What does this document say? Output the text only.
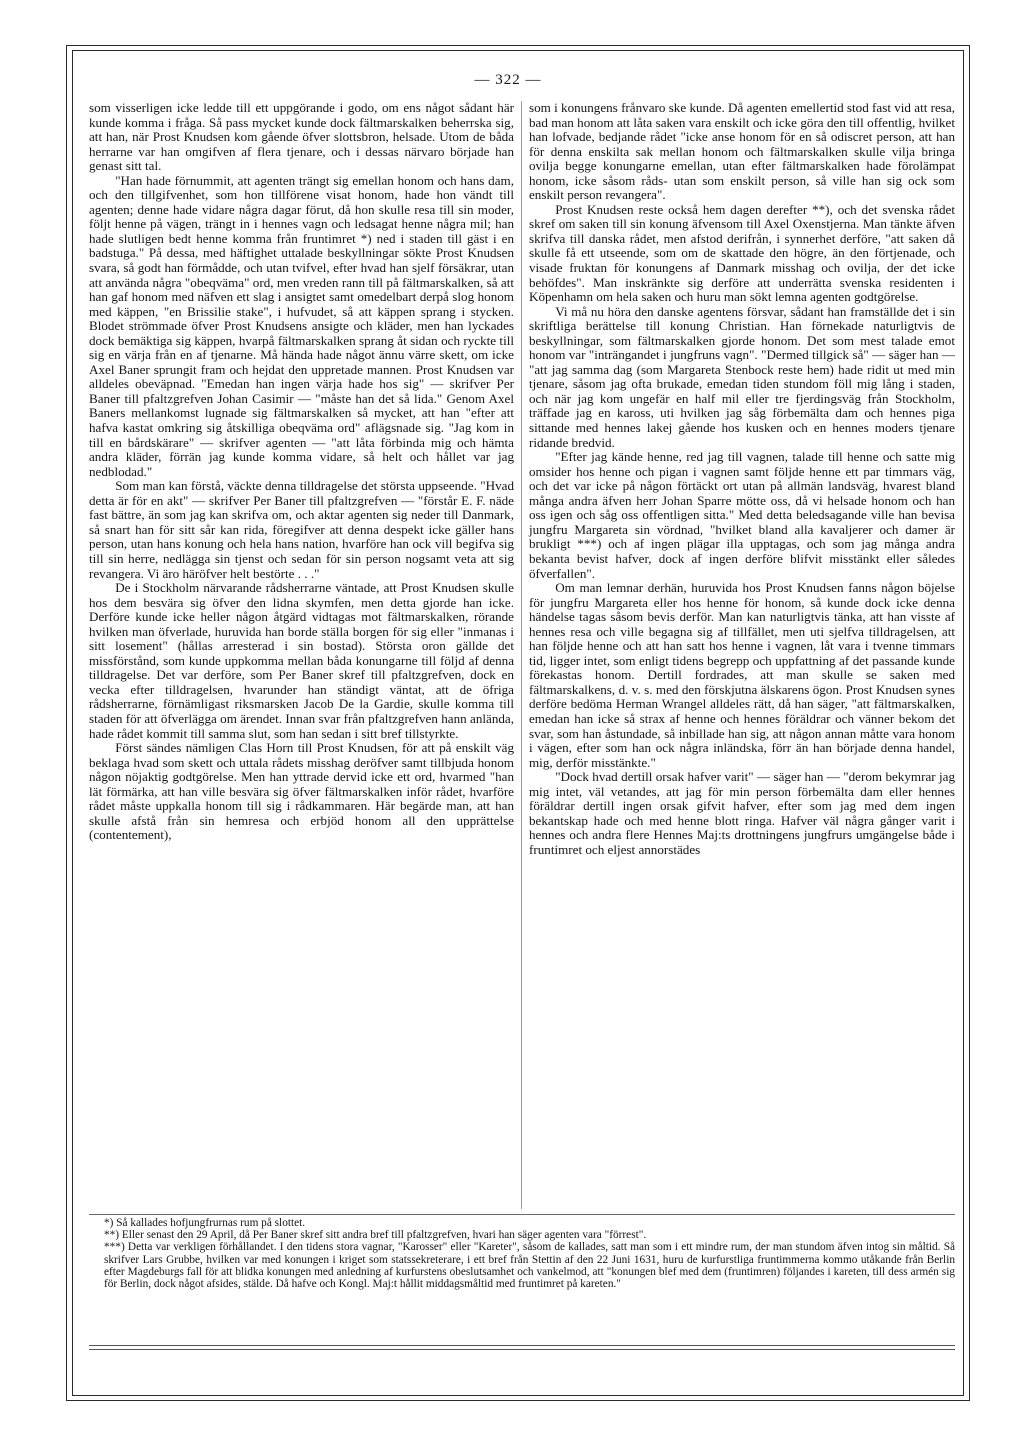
— 322 —

som visserligen icke ledde till ett uppgörande i godo, om ens något sådant här kunde komma i fråga. Så pass mycket kunde dock fältmarskalken beherrska sig, att han, när Prost Knudsen kom gående öfver slottsbron, helsade. Utom de båda herrarne var han omgifven af flera tjenare, och i dessas närvaro började han genast sitt tal.

"Han hade förnummit, att agenten trängt sig emellan honom och hans dam, och den tillgifvenhet, som hon tillförene visat honom, hade hon vändt till agenten; denne hade vidare några dagar förut, då hon skulle resa till sin moder, följt henne på vägen, trängt in i hennes vagn och ledsagat henne några mil; han hade slutligen bedt henne komma från fruntimret *) ned i staden till gäst i en badstuga." På dessa, med häftighet uttalade beskyllningar sökte Prost Knudsen svara, så godt han förmådde, och utan tvifvel, efter hvad han sjelf försäkrar, utan att använda några "obeqväma" ord, men vreden rann till på fältmarskalken, så att han gaf honom med näfven ett slag i ansigtet samt omedelbart derpå slog honom med käppen, "en Brissilie stake", i hufvudet, så att käppen sprang i stycken. Blodet strömmade öfver Prost Knudsens ansigte och kläder, men han lyckades dock bemäktiga sig käppen, hvarpå fältmarskalken sprang åt sidan och ryckte till sig en värja från en af tjenarne. Må hända hade något ännu värre skett, om icke Axel Baner sprungit fram och hejdat den uppretade mannen. Prost Knudsen var alldeles obeväpnad. "Emedan han ingen värja hade hos sig" — skrifver Per Baner till pfaltzgrefven Johan Casimir — "måste han det så lida." Genom Axel Baners mellankomst lugnade sig fältmarskalken så mycket, att han "efter att hafva kastat omkring sig åtskilliga obeqväma ord" aflägsnade sig. "Jag kom in till en bårdskärare" — skrifver agenten — "att låta förbinda mig och hämta andra kläder, förrän jag kunde komma vidare, så helt och hållet var jag nedblodad."

Som man kan förstå, väckte denna tilldragelse det största uppseende. "Hvad detta är för en akt" — skrifver Per Baner till pfaltzgrefven — "förstår E. F. näde fast bättre, än som jag kan skrifva om, och aktar agenten sig neder till Danmark, så snart han för sitt sår kan rida, föregifver att denna despekt icke gäller hans person, utan hans konung och hela hans nation, hvarföre han ock vill begifva sig till sin herre, nedlägga sin tjenst och sedan för sin person nogsamt veta att sig revangera. Vi äro häröfver helt bestörte . . ."

De i Stockholm närvarande rådsherrarne väntade, att Prost Knudsen skulle hos dem besvära sig öfver den lidna skymfen, men detta gjorde han icke. Derföre kunde icke heller någon åtgärd vidtagas mot fältmarskalken, rörande hvilken man öfverlade, huruvida han borde ställa borgen för sig eller "inmanas i sitt losement" (hållas arresterad i sin bostad). Största oron gällde det missförstånd, som kunde uppkomma mellan båda konungarne till följd af denna tilldragelse. Det var derföre, som Per Baner skref till pfaltzgrefven, dock en vecka efter tilldragelsen, hvarunder han ständigt väntat, att de öfriga rådsherrarne, förnämligast riksmarsken Jacob De la Gardie, skulle komma till staden för att öfverlägga om ärendet. Innan svar från pfaltzgrefven hann anlända, hade rådet kommit till samma slut, som han sedan i sitt bref tillstyrkte.

Först sändes nämligen Clas Horn till Prost Knudsen, för att på enskilt väg beklaga hvad som skett och uttala rådets misshag deröfver samt tillbjuda honom någon nöjaktig godtgörelse. Men han yttrade dervid icke ett ord, hvarmed "han lät förmärka, att han ville besvära sig öfver fältmarskalken inför rådet, hvarföre rådet måste uppkalla honom till sig i rådkammaren. Här begärde man, att han skulle afstå från sin hemresa och erbjöd honom all den upprättelse (contentement),

som i konungens frånvaro ske kunde. Då agenten emellertid stod fast vid att resa, bad man honom att låta saken vara enskilt och icke göra den till offentlig, hvilket han lofvade, bedjande rådet "icke anse honom för en så odiscret person, att han för denna enskilta sak mellan honom och fältmarskalken skulle vilja bringa ovilja begge konungarne emellan, utan efter fältmarskalken hade förolämpat honom, icke såsom råds- utan som enskilt person, så ville han sig ock som enskilt person revangera".

Prost Knudsen reste också hem dagen derefter **), och det svenska rådet skref om saken till sin konung äfvensom till Axel Oxenstjerna. Man tänkte äfven skrifva till danska rådet, men afstod derifrån, i synnerhet derföre, "att saken då skulle få ett utseende, som om de skattade den högre, än den förtjenade, och visade fruktan för konungens af Danmark misshag och ovilja, der det icke behöfdes". Man inskränkte sig derföre att underrätta svenska residenten i Köpenhamn om hela saken och huru man sökt lemna agenten godtgörelse.

Vi må nu höra den danske agentens försvar, sådant han framställde det i sin skriftliga berättelse till konung Christian. Han förnekade naturligtvis de beskyllningar, som fältmarskalken gjorde honom. Det som mest talade emot honom var "inträngandet i jungfruns vagn". "Dermed tillgick så" — säger han — "att jag samma dag (som Margareta Stenbock reste hem) hade ridit ut med min tjenare, såsom jag ofta brukade, emedan tiden stundom föll mig lång i staden, och när jag kom ungefär en half mil eller tre fjerdingsväg från Stockholm, träffade jag en kaross, uti hvilken jag såg förbemälta dam och hennes piga sittande med hennes lakej gående hos kusken och en hennes moders tjenare ridande bredvid.

"Efter jag kände henne, red jag till vagnen, talade till henne och satte mig omsider hos henne och pigan i vagnen samt följde henne ett par timmars väg, och det var icke på någon förtäckt ort utan på allmän landsväg, hvarest bland många andra äfven herr Johan Sparre mötte oss, då vi helsade honom och han oss igen och såg oss offentligen sitta." Med detta beledsagande ville han bevisa jungfru Margareta sin vördnad, "hvilket bland alla kavaljerer och damer är brukligt ***) och af ingen plägar illa upptagas, och som jag många andra bekanta bevist hafver, dock af ingen derföre blifvit misstänkt eller således öfverfallen".

Om man lemnar derhän, huruvida hos Prost Knudsen fanns någon böjelse för jungfru Margareta eller hos henne för honom, så kunde dock icke denna händelse tagas såsom bevis derför. Man kan naturligtvis tänka, att han visste af hennes resa och ville begagna sig af tillfället, men uti sjelfva tilldragelsen, att han följde henne och att han satt hos henne i vagnen, låt vara i tvenne timmars tid, ligger intet, som enligt tidens begrepp och uppfattning af det passande kunde förekastas honom. Dertill fordrades, att man skulle se saken med fältmarskalkens, d. v. s. med den förskjutna älskarens ögon. Prost Knudsen synes derföre bedöma Herman Wrangel alldeles rätt, då han säger, "att fältmarskalken, emedan han icke så strax af henne och hennes föräldrar och vänner bekom det svar, som han åstundade, så inbillade han sig, att någon annan måtte vara honom i vägen, efter som han ock några inländska, förr än han började denna handel, mig, derför misstänkte."

"Dock hvad dertill orsak hafver varit" — säger han — "derom bekymrar jag mig intet, väl vetandes, att jag för min person förbemälta dam eller hennes föräldrar dertill ingen orsak gifvit hafver, efter som jag med dem ingen bekantskap hade och med henne blott ringa. Hafver väl några gånger varit i hennes och andra flere Hennes Maj:ts drottningens jungfrurs umgängelse både i fruntimret och eljest annorstädes

*) Så kallades hofjungfrurnas rum på slottet.

**) Eller senast den 29 April, då Per Baner skref sitt andra bref till pfaltzgrefven, hvari han säger agenten vara "förrest".

***) Detta var verkligen förhållandet. I den tidens stora vagnar, "Karosser" eller "Kareter", såsom de kallades, satt man som i ett mindre rum, der man stundom äfven intog sin måltid. Så skrifver Lars Grubbe, hvilken var med konungen i kriget som statssekreterare, i ett bref från Stettin af den 22 Juni 1631, huru de kurfurstliga fruntimmerna kommo utåkande från Berlin efter Magdeburgs fall för att blidka konungen med anledning af kurfurstens obeslutsamhet och vankelmod, att "konungen blef med dem (fruntimren) följandes i kareten, till dess armén sig för Berlin, dock något afsides, stälde. Då hafve och Kongl. Maj:t hållit middagsmåltid med fruntimret på kareten."
